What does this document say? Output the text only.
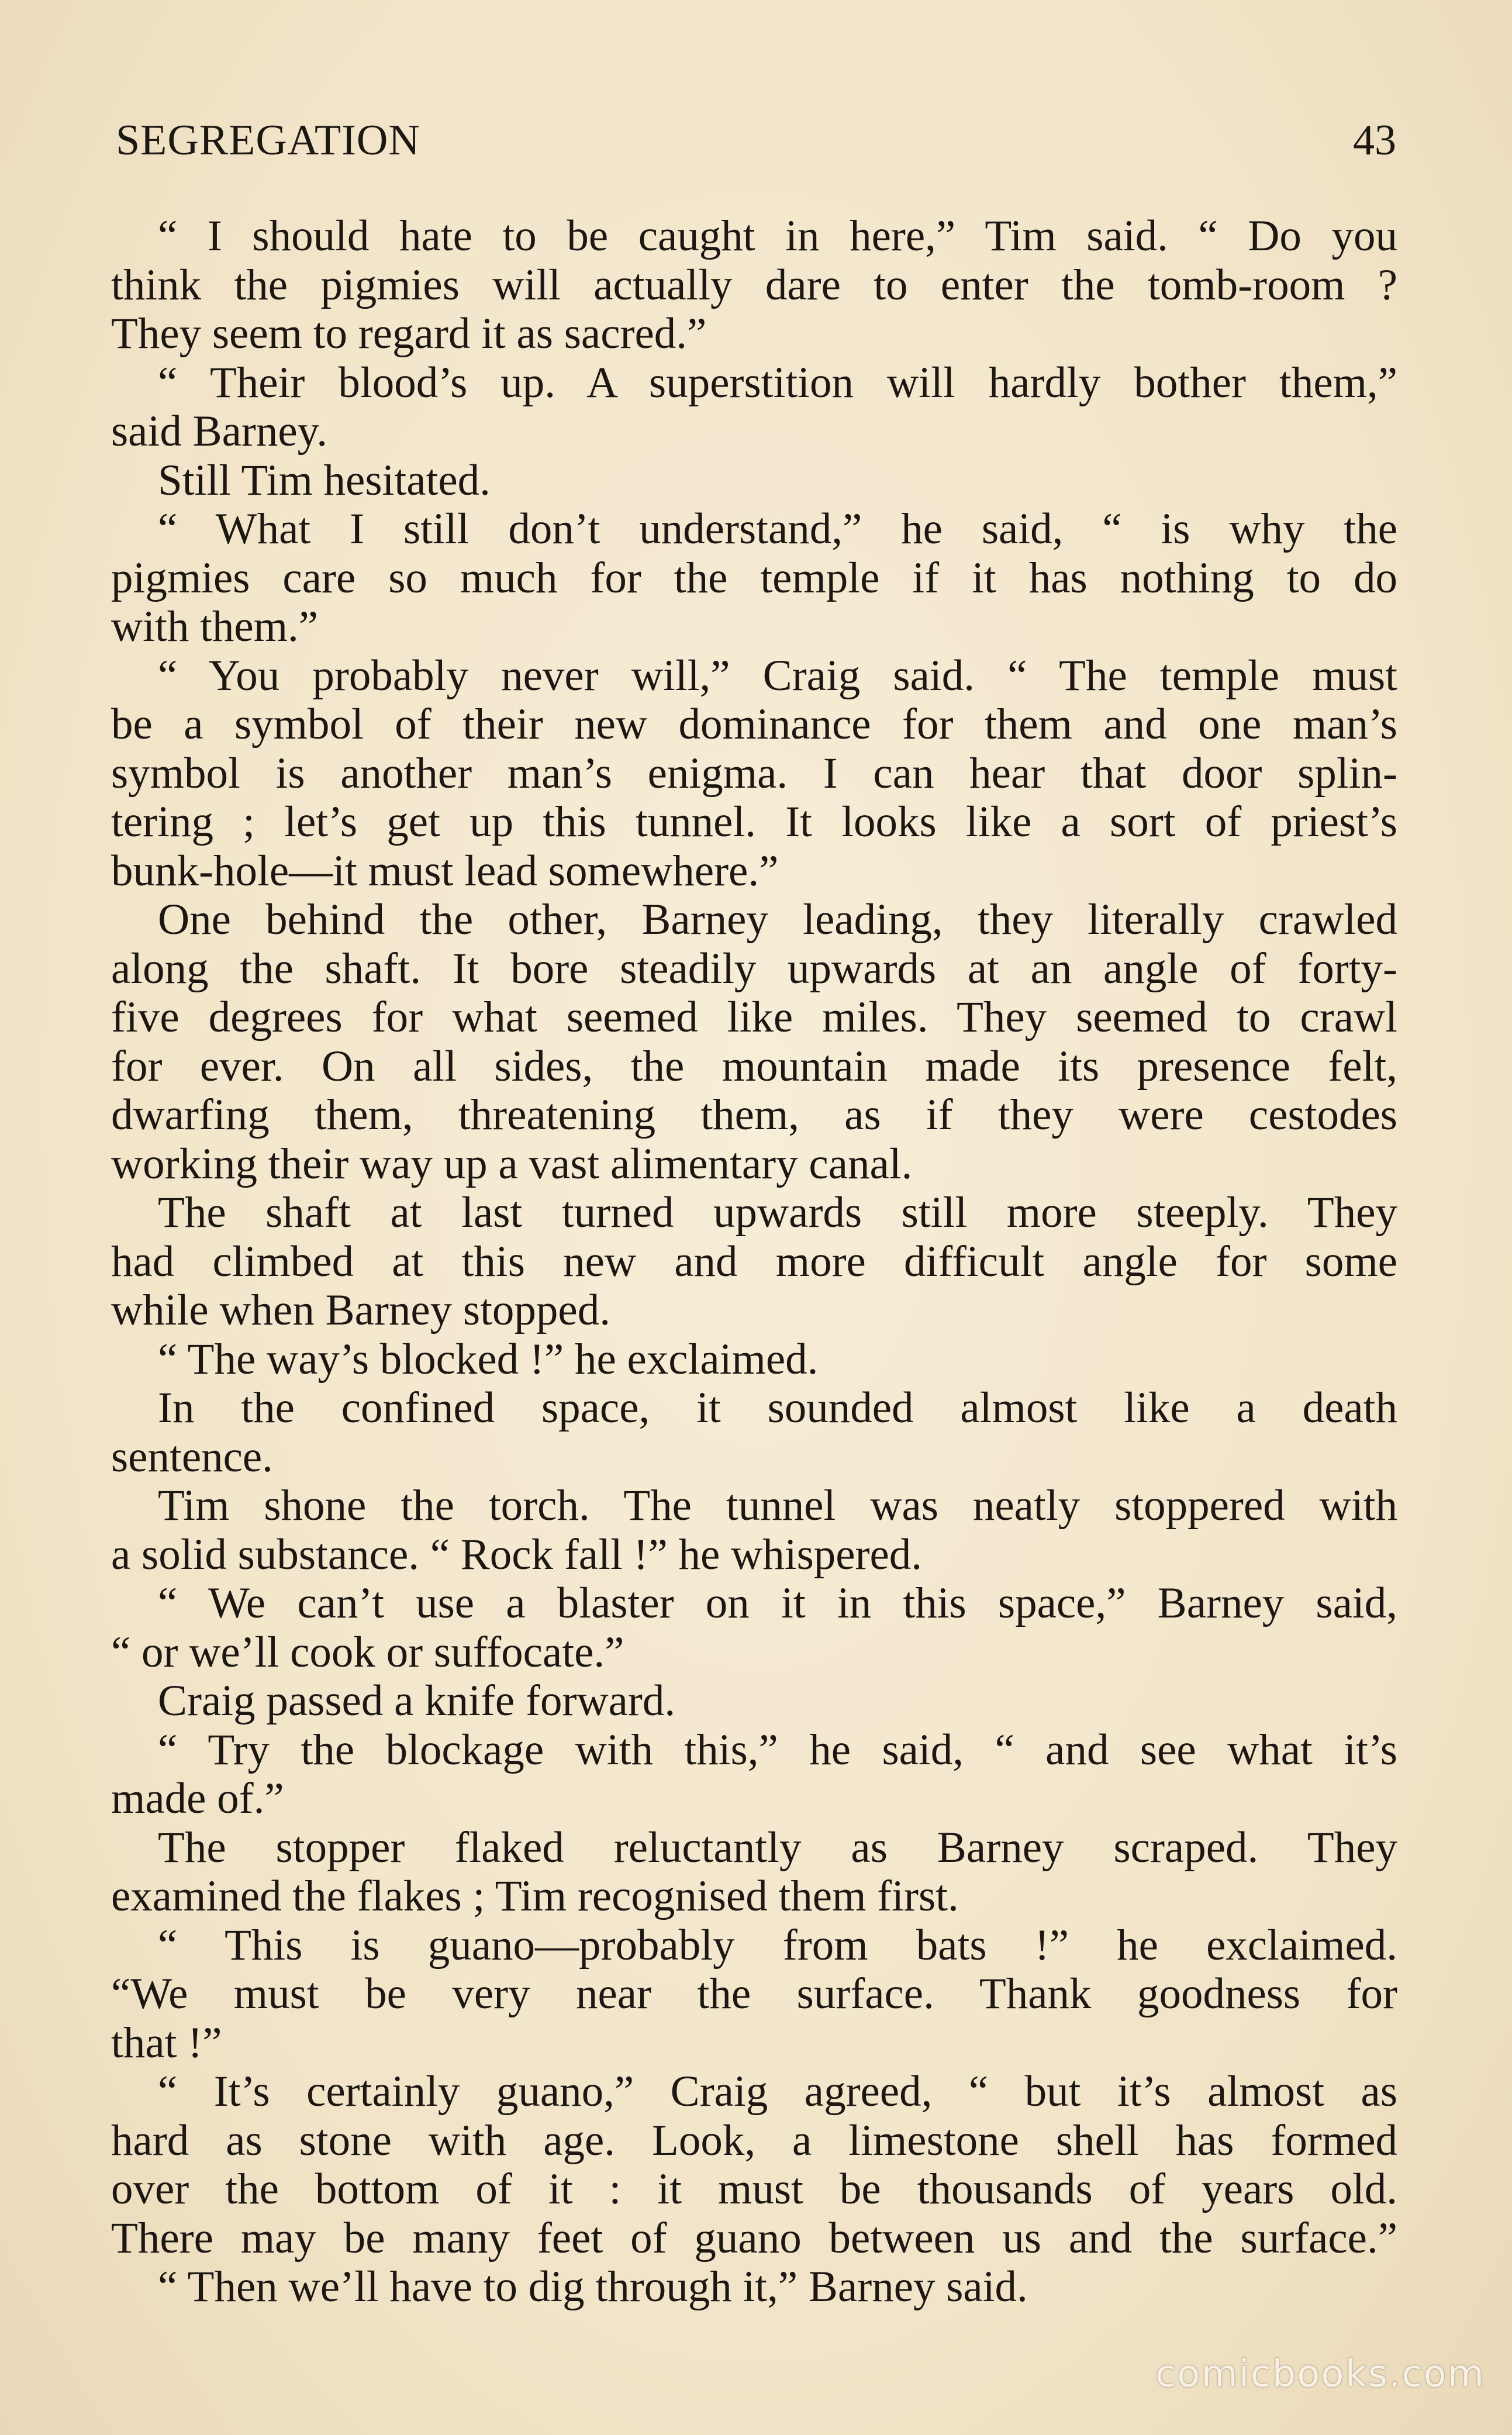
SEGREGATION	43
“ I should hate to be caught in here,” Tim said. “ Do you
think the pigmies will actually dare to enter the tomb-room ?
They seem to regard it as sacred.”
“ Their blood’s up. A superstition will hardly bother them,”
said Barney.
Still Tim hesitated.
“ What I still don’t understand,” he said, “ is why the
pigmies care so much for the temple if it has nothing to do
with them.”
“ You probably never will,” Craig said. “ The temple must
be a symbol of their new dominance for them and one man’s
symbol is another man’s enigma. I can hear that door splin-
tering ; let’s get up this tunnel. It looks like a sort of priest’s
bunk-hole—it must lead somewhere.”
One behind the other, Barney leading, they literally crawled
along the shaft. It bore steadily upwards at an angle of forty-
five degrees for what seemed like miles. They seemed to crawl
for ever. On all sides, the mountain made its presence felt,
dwarfing them, threatening them, as if they were cestodes
working their way up a vast alimentary canal.
The shaft at last turned upwards still more steeply. They
had climbed at this new and more difficult angle for some
while when Barney stopped.
“ The way’s blocked !” he exclaimed.
In the confined space, it sounded almost like a death
sentence.
Tim shone the torch. The tunnel was neatly stoppered with
a solid substance. “ Rock fall !” he whispered.
“ We can’t use a blaster on it in this space,” Barney said,
“ or we’ll cook or suffocate.”
Craig passed a knife forward.
“ Try the blockage with this,” he said, “ and see what it’s
made of.”
The stopper flaked reluctantly as Barney scraped. They
examined the flakes ; Tim recognised them first.
“ This is guano—probably from bats !” he exclaimed.
“We must be very near the surface. Thank goodness for
that !”
“ It’s certainly guano,” Craig agreed, “ but it’s almost as
hard as stone with age. Look, a limestone shell has formed
over the bottom of it : it must be thousands of years old.
There may be many feet of guano between us and the surface.”
“ Then we’ll have to dig through it,” Barney said.
comicbooks.com
